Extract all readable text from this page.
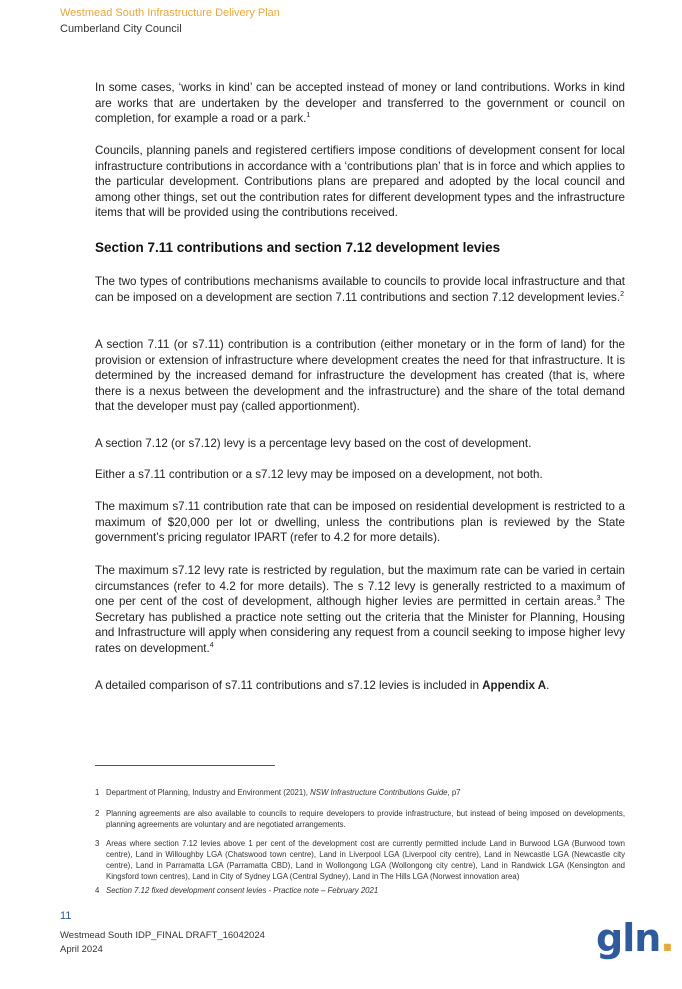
Westmead South Infrastructure Delivery Plan
Cumberland City Council

In some cases, ‘works in kind’ can be accepted instead of money or land contributions. Works in kind are works that are undertaken by the developer and transferred to the government or council on completion, for example a road or a park.$^1$

Councils, planning panels and registered certifiers impose conditions of development consent for local infrastructure contributions in accordance with a ‘contributions plan’ that is in force and which applies to the particular development. Contributions plans are prepared and adopted by the local council and among other things, set out the contribution rates for different development types and the infrastructure items that will be provided using the contributions received.

Section 7.11 contributions and section 7.12 development levies

The two types of contributions mechanisms available to councils to provide local infrastructure and that can be imposed on a development are section 7.11 contributions and section 7.12 development levies.$^2$

A section 7.11 (or s7.11) contribution is a contribution (either monetary or in the form of land) for the provision or extension of infrastructure where development creates the need for that infrastructure. It is determined by the increased demand for infrastructure the development has created (that is, where there is a nexus between the development and the infrastructure) and the share of the total demand that the developer must pay (called apportionment).

A section 7.12 (or s7.12) levy is a percentage levy based on the cost of development.

Either a s7.11 contribution or a s7.12 levy may be imposed on a development, not both.

The maximum s7.11 contribution rate that can be imposed on residential development is restricted to a maximum of $20,000 per lot or dwelling, unless the contributions plan is reviewed by the State government’s pricing regulator IPART (refer to 4.2 for more details).

The maximum s7.12 levy rate is restricted by regulation, but the maximum rate can be varied in certain circumstances (refer to 4.2 for more details). The s 7.12 levy is generally restricted to a maximum of one per cent of the cost of development, although higher levies are permitted in certain areas.$^3$ The Secretary has published a practice note setting out the criteria that the Minister for Planning, Housing and Infrastructure will apply when considering any request from a council seeking to impose higher levy rates on development.$^4$

A detailed comparison of s7.11 contributions and s7.12 levies is included in Appendix A.

1 Department of Planning, Industry and Environment (2021), NSW Infrastructure Contributions Guide, p7
2 Planning agreements are also available to councils to require developers to provide infrastructure, but instead of being imposed on developments, planning agreements are voluntary and are negotiated arrangements.
3 Areas where section 7.12 levies above 1 per cent of the development cost are currently permitted include Land in Burwood LGA (Burwood town centre), Land in Willoughby LGA (Chatswood town centre), Land in Liverpool LGA (Liverpool city centre), Land in Newcastle LGA (Newcastle city centre), Land in Parramatta LGA (Parramatta CBD), Land in Wollongong LGA (Wollongong city centre), Land in Randwick LGA (Kensington and Kingsford town centres), Land in City of Sydney LGA (Central Sydney), Land in The Hills LGA (Norwest innovation area)
4 Section 7.12 fixed development consent levies - Practice note – February 2021
11
Westmead South IDP_FINAL DRAFT_16042024
April 2024	gln.
